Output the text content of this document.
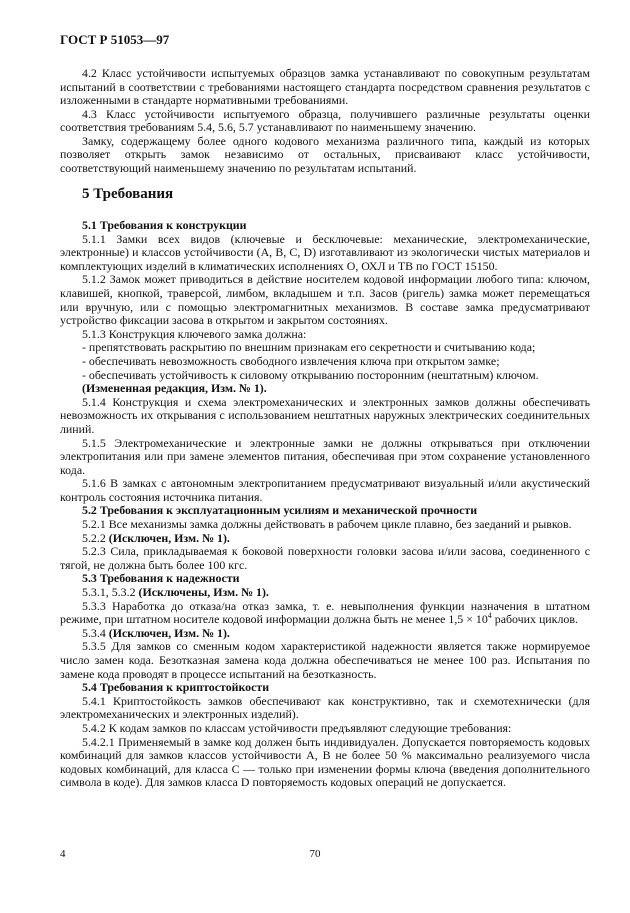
ГОСТ Р 51053—97

4.2 Класс устойчивости испытуемых образцов замка устанавливают по совокупным результатам испытаний в соответствии с требованиями настоящего стандарта посредством сравнения результатов с изложенными в стандарте нормативными требованиями.

4.3 Класс устойчивости испытуемого образца, получившего различные результаты оценки соответствия требованиям 5.4, 5.6, 5.7 устанавливают по наименьшему значению.

Замку, содержащему более одного кодового механизма различного типа, каждый из которых позволяет открыть замок независимо от остальных, присваивают класс устойчивости, соответствующий наименьшему значению по результатам испытаний.

5 Требования

5.1 Требования к конструкции

5.1.1 Замки всех видов (ключевые и бесключевые: механические, электромеханические, электронные) и классов устойчивости (A, B, C, D) изготавливают из экологически чистых материалов и комплектующих изделий в климатических исполнениях О, ОХЛ и ТВ по ГОСТ 15150.

5.1.2 Замок может приводиться в действие носителем кодовой информации любого типа: ключом, клавишей, кнопкой, траверсой, лимбом, вкладышем и т.п. Засов (ригель) замка может перемещаться или вручную, или с помощью электромагнитных механизмов. В составе замка предусматривают устройство фиксации засова в открытом и закрытом состояниях.

5.1.3 Конструкция ключевого замка должна:

- препятствовать раскрытию по внешним признакам его секретности и считыванию кода;

- обеспечивать невозможность свободного извлечения ключа при открытом замке;

- обеспечивать устойчивость к силовому открыванию посторонним (нештатным) ключом.

(Измененная редакция, Изм. № 1).

5.1.4 Конструкция и схема электромеханических и электронных замков должны обеспечивать невозможность их открывания с использованием нештатных наружных электрических соединительных линий.

5.1.5 Электромеханические и электронные замки не должны открываться при отключении электропитания или при замене элементов питания, обеспечивая при этом сохранение установленного кода.

5.1.6 В замках с автономным электропитанием предусматривают визуальный и/или акустический контроль состояния источника питания.

5.2 Требования к эксплуатационным усилиям и механической прочности

5.2.1 Все механизмы замка должны действовать в рабочем цикле плавно, без заеданий и рывков.

5.2.2 (Исключен, Изм. № 1).

5.2.3 Сила, прикладываемая к боковой поверхности головки засова и/или засова, соединенного с тягой, не должна быть более 100 кгс.

5.3 Требования к надежности

5.3.1, 5.3.2 (Исключены, Изм. № 1).

5.3.3 Наработка до отказа/на отказ замка, т. е. невыполнения функции назначения в штатном режиме, при штатном носителе кодовой информации должна быть не менее $1,5 \times 10^4$ рабочих циклов.

5.3.4 (Исключен, Изм. № 1).

5.3.5 Для замков со сменным кодом характеристикой надежности является также нормируемое число замен кода. Безотказная замена кода должна обеспечиваться не менее 100 раз. Испытания по замене кода проводят в процессе испытаний на безотказность.

5.4 Требования к криптостойкости

5.4.1 Криптостойкость замков обеспечивают как конструктивно, так и схемотехнически (для электромеханических и электронных изделий).

5.4.2 К кодам замков по классам устойчивости предъявляют следующие требования:

5.4.2.1 Применяемый в замке код должен быть индивидуален. Допускается повторяемость кодовых комбинаций для замков классов устойчивости А, В не более 50 % максимально реализуемого числа кодовых комбинаций, для класса С — только при изменении формы ключа (введения дополнительного символа в коде). Для замков класса D повторяемость кодовых операций не допускается.

4	70
